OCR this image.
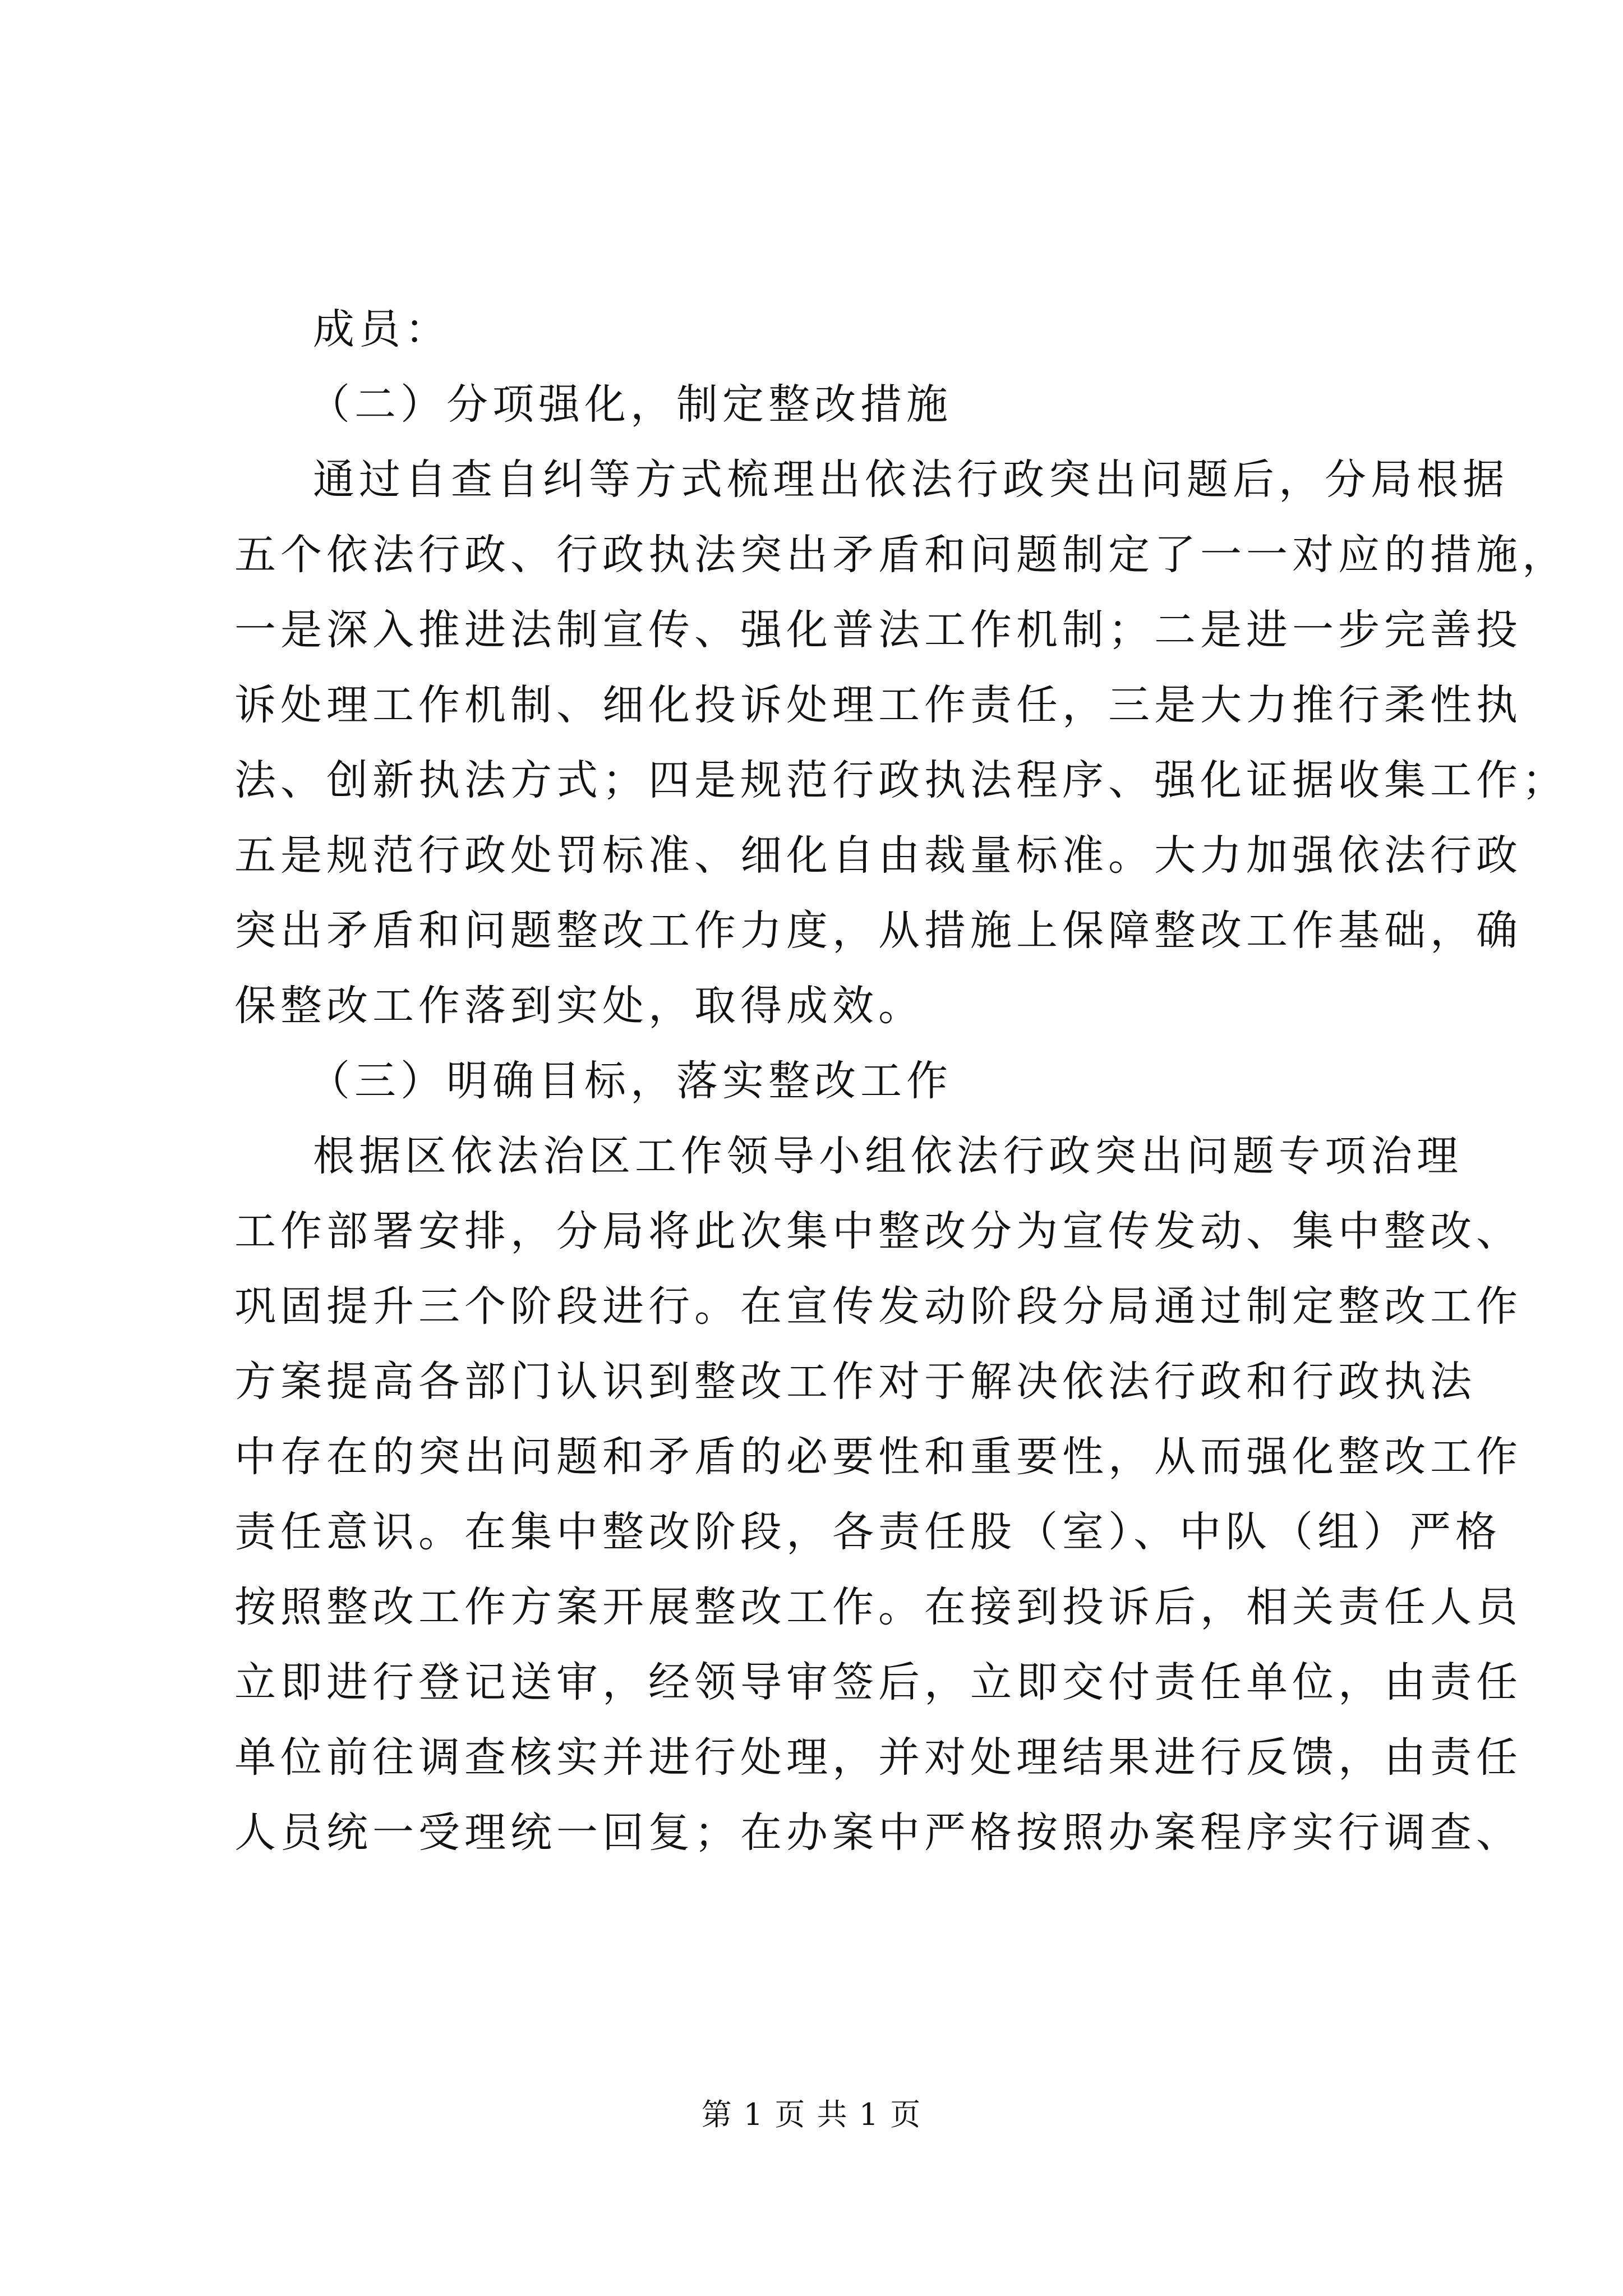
成员：
（二）分项强化，制定整改措施
通过自查自纠等方式梳理出依法行政突出问题后，分局根据
五个依法行政、行政执法突出矛盾和问题制定了一一对应的措施，
一是深入推进法制宣传、强化普法工作机制；二是进一步完善投
诉处理工作机制、细化投诉处理工作责任，三是大力推行柔性执
法、创新执法方式；四是规范行政执法程序、强化证据收集工作；
五是规范行政处罚标准、细化自由裁量标准。大力加强依法行政
突出矛盾和问题整改工作力度，从措施上保障整改工作基础，确
保整改工作落到实处，取得成效。
（三）明确目标，落实整改工作
根据区依法治区工作领导小组依法行政突出问题专项治理
工作部署安排，分局将此次集中整改分为宣传发动、集中整改、
巩固提升三个阶段进行。在宣传发动阶段分局通过制定整改工作
方案提高各部门认识到整改工作对于解决依法行政和行政执法
中存在的突出问题和矛盾的必要性和重要性，从而强化整改工作
责任意识。在集中整改阶段，各责任股（室）、中队（组）严格
按照整改工作方案开展整改工作。在接到投诉后，相关责任人员
立即进行登记送审，经领导审签后，立即交付责任单位，由责任
单位前往调查核实并进行处理，并对处理结果进行反馈，由责任
人员统一受理统一回复；在办案中严格按照办案程序实行调查、
第 1 页 共 1 页
